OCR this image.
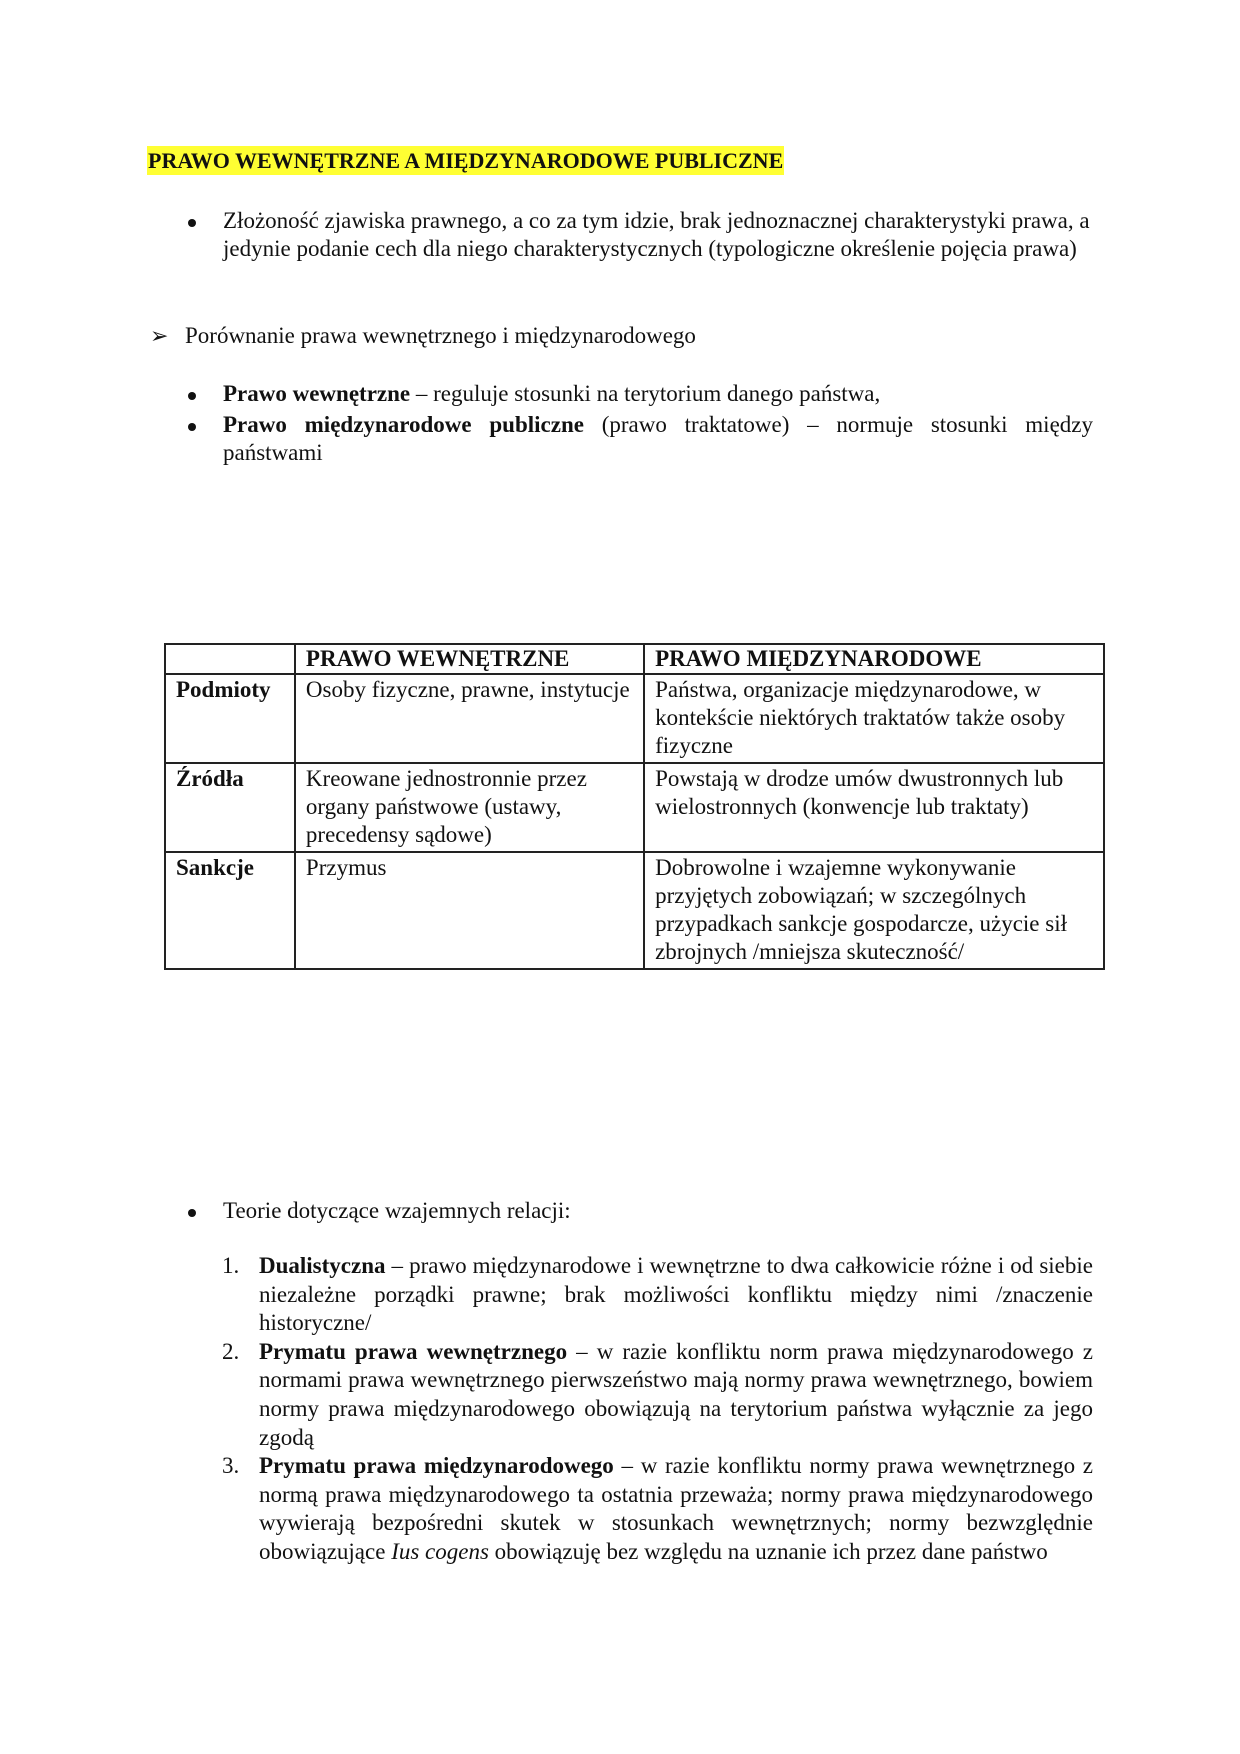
PRAWO WEWNĘTRZNE A MIĘDZYNARODOWE PUBLICZNE
Złożoność zjawiska prawnego, a co za tym idzie, brak jednoznacznej charakterystyki prawa, a jedynie podanie cech dla niego charakterystycznych (typologiczne określenie pojęcia prawa)
➢ Porównanie prawa wewnętrznego i międzynarodowego
Prawo wewnętrzne – reguluje stosunki na terytorium danego państwa,
Prawo międzynarodowe publiczne (prawo traktatowe) – normuje stosunki między państwami
	PRAWO WEWNĘTRZNE	PRAWO MIĘDZYNARODOWE
Podmioty	Osoby fizyczne, prawne, instytucje	Państwa, organizacje międzynarodowe, w kontekście niektórych traktatów także osoby fizyczne
Źródła	Kreowane jednostronnie przez organy państwowe (ustawy, precedensy sądowe)	Powstają w drodze umów dwustronnych lub wielostronnych (konwencje lub traktaty)
Sankcje	Przymus	Dobrowolne i wzajemne wykonywanie przyjętych zobowiązań; w szczególnych przypadkach sankcje gospodarcze, użycie sił zbrojnych /mniejsza skuteczność/
Teorie dotyczące wzajemnych relacji:
1. Dualistyczna – prawo międzynarodowe i wewnętrzne to dwa całkowicie różne i od siebie niezależne porządki prawne; brak możliwości konfliktu między nimi /znaczenie historyczne/
2. Prymatu prawa wewnętrznego – w razie konfliktu norm prawa międzynarodowego z normami prawa wewnętrznego pierwszeństwo mają normy prawa wewnętrznego, bowiem normy prawa międzynarodowego obowiązują na terytorium państwa wyłącznie za jego zgodą
3. Prymatu prawa międzynarodowego – w razie konfliktu normy prawa wewnętrznego z normą prawa międzynarodowego ta ostatnia przeważa; normy prawa międzynarodowego wywierają bezpośredni skutek w stosunkach wewnętrznych; normy bezwzględnie obowiązujące Ius cogens obowiązuję bez względu na uznanie ich przez dane państwo
